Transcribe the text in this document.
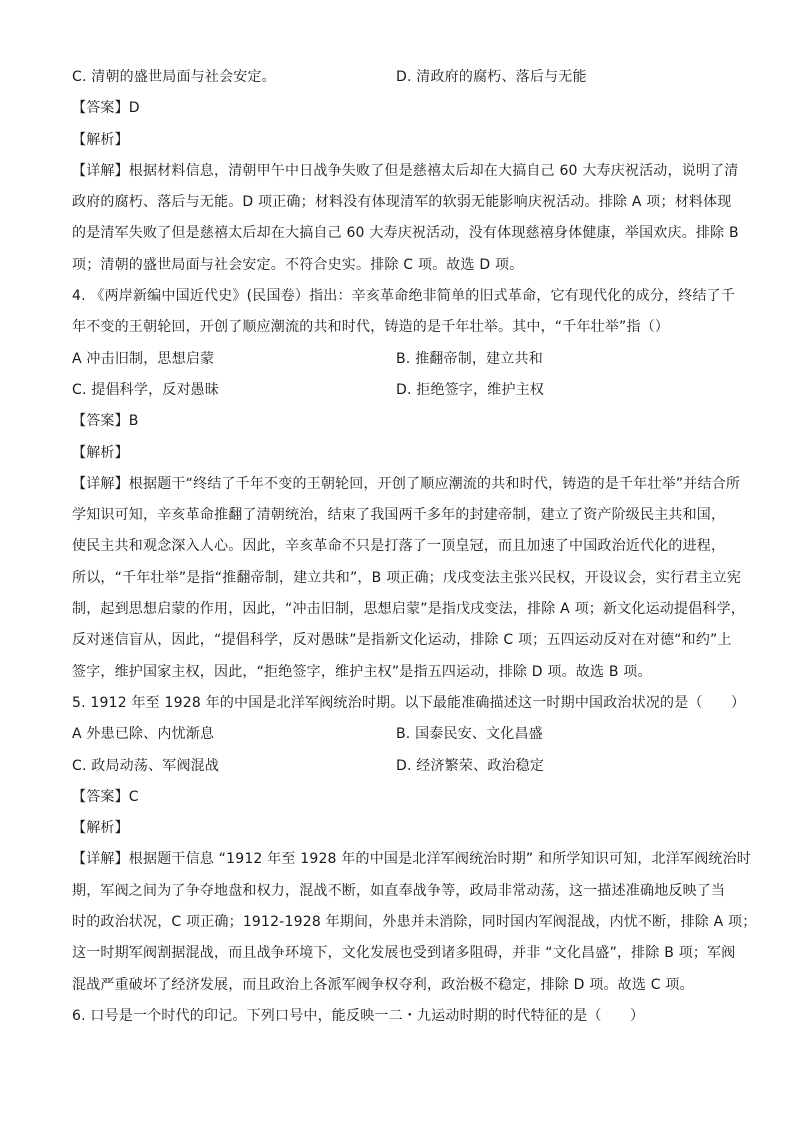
C. 清朝的盛世局面与社会安定。	D. 清政府的腐朽、落后与无能
【答案】D
【解析】
【详解】根据材料信息，清朝甲午中日战争失败了但是慈禧太后却在大搞自己 60 大寿庆祝活动，说明了清
政府的腐朽、落后与无能。D 项正确；材料没有体现清军的软弱无能影响庆祝活动。排除 A 项；材料体现
的是清军失败了但是慈禧太后却在大搞自己 60 大寿庆祝活动，没有体现慈禧身体健康，举国欢庆。排除 B
项；清朝的盛世局面与社会安定。不符合史实。排除 C 项。故选 D 项。
4. 《两岸新编中国近代史》(民国卷）指出：辛亥革命绝非简单的旧式革命，它有现代化的成分，终结了千
年不变的王朝轮回，开创了顺应潮流的共和时代，铸造的是千年壮举。其中，“千年壮举”指（）
A 冲击旧制，思想启蒙	B. 推翻帝制，建立共和
C. 提倡科学，反对愚昧	D. 拒绝签字，维护主权
【答案】B
【解析】
【详解】根据题干“终结了千年不变的王朝轮回，开创了顺应潮流的共和时代，铸造的是千年壮举”并结合所
学知识可知，辛亥革命推翻了清朝统治，结束了我国两千多年的封建帝制，建立了资产阶级民主共和国，
使民主共和观念深入人心。因此，辛亥革命不只是打落了一顶皇冠，而且加速了中国政治近代化的进程，
所以，“千年壮举”是指“推翻帝制，建立共和”，B 项正确；戊戌变法主张兴民权，开设议会，实行君主立宪
制，起到思想启蒙的作用，因此，“冲击旧制，思想启蒙”是指戊戌变法，排除 A 项；新文化运动提倡科学，
反对迷信盲从，因此，“提倡科学，反对愚昧”是指新文化运动，排除 C 项；五四运动反对在对德“和约”上
签字，维护国家主权，因此，“拒绝签字，维护主权”是指五四运动，排除 D 项。故选 B 项。
5. 1912 年至 1928 年的中国是北洋军阀统治时期。以下最能准确描述这一时期中国政治状况的是（　　）
A 外患已除、内忧渐息	B. 国泰民安、文化昌盛
C. 政局动荡、军阀混战	D. 经济繁荣、政治稳定
【答案】C
【解析】
【详解】根据题干信息 “1912 年至 1928 年的中国是北洋军阀统治时期” 和所学知识可知，北洋军阀统治时
期，军阀之间为了争夺地盘和权力，混战不断，如直奉战争等，政局非常动荡，这一描述准确地反映了当
时的政治状况，C 项正确；1912-1928 年期间，外患并未消除，同时国内军阀混战，内忧不断，排除 A 项；
这一时期军阀割据混战，而且战争环境下，文化发展也受到诸多阻碍，并非 “文化昌盛”，排除 B 项；军阀
混战严重破坏了经济发展，而且政治上各派军阀争权夺利，政治极不稳定，排除 D 项。故选 C 项。
6. 口号是一个时代的印记。下列口号中，能反映一二・九运动时期的时代特征的是（　　）
